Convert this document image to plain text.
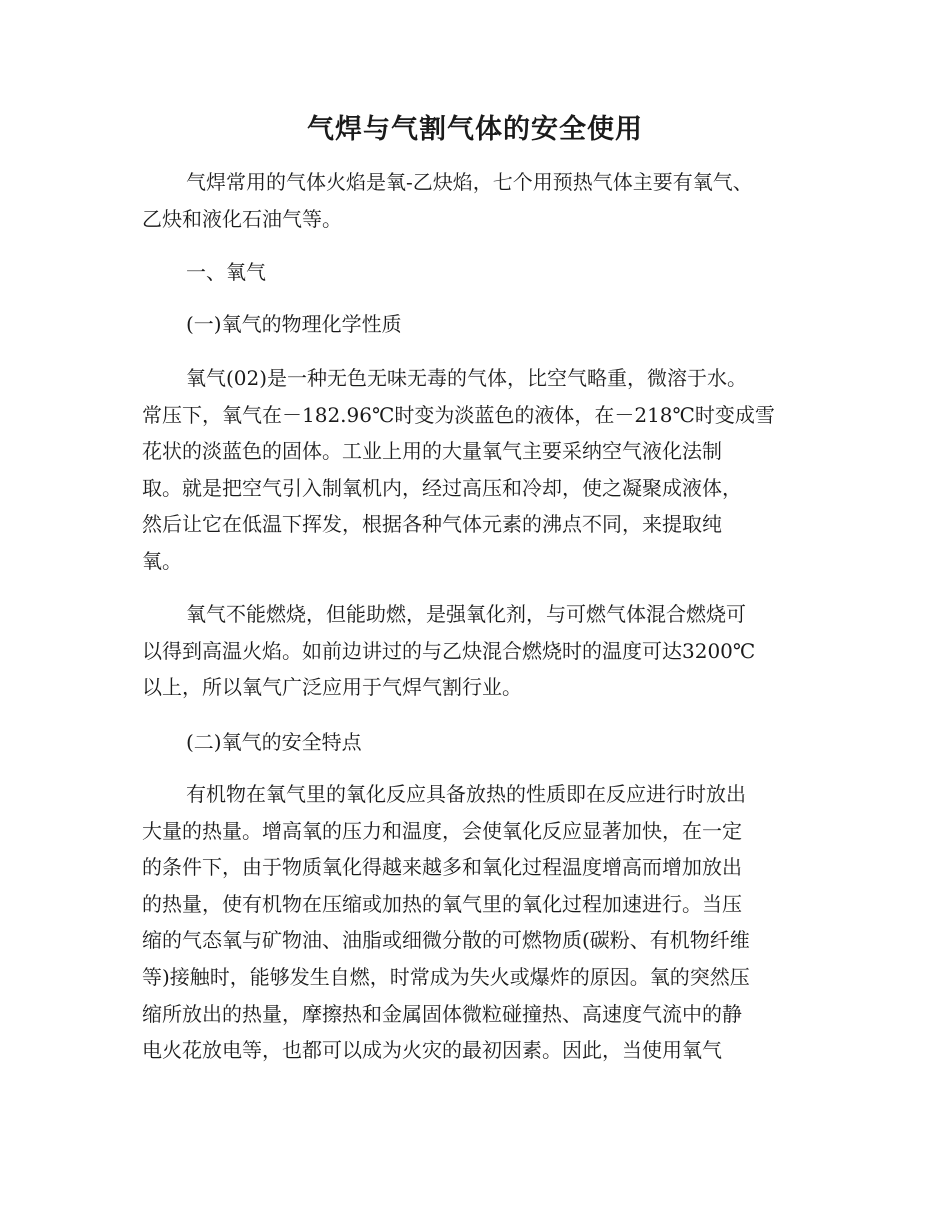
气焊与气割气体的安全使用
气焊常用的气体火焰是氧-乙炔焰，七个用预热气体主要有氧气、
乙炔和液化石油气等。
一、氧气
(一)氧气的物理化学性质
氧气(02)是一种无色无味无毒的气体，比空气略重，微溶于水。
常压下，氧气在－182.96℃时变为淡蓝色的液体，在－218℃时变成雪
花状的淡蓝色的固体。工业上用的大量氧气主要采纳空气液化法制
取。就是把空气引入制氧机内，经过高压和冷却，使之凝聚成液体，
然后让它在低温下挥发，根据各种气体元素的沸点不同，来提取纯
氧。
氧气不能燃烧，但能助燃，是强氧化剂，与可燃气体混合燃烧可
以得到高温火焰。如前边讲过的与乙炔混合燃烧时的温度可达3200℃
以上，所以氧气广泛应用于气焊气割行业。
(二)氧气的安全特点
有机物在氧气里的氧化反应具备放热的性质即在反应进行时放出
大量的热量。增高氧的压力和温度，会使氧化反应显著加快，在一定
的条件下，由于物质氧化得越来越多和氧化过程温度增高而增加放出
的热量，使有机物在压缩或加热的氧气里的氧化过程加速进行。当压
缩的气态氧与矿物油、油脂或细微分散的可燃物质(碳粉、有机物纤维
等)接触时，能够发生自燃，时常成为失火或爆炸的原因。氧的突然压
缩所放出的热量，摩擦热和金属固体微粒碰撞热、高速度气流中的静
电火花放电等，也都可以成为火灾的最初因素。因此，当使用氧气
